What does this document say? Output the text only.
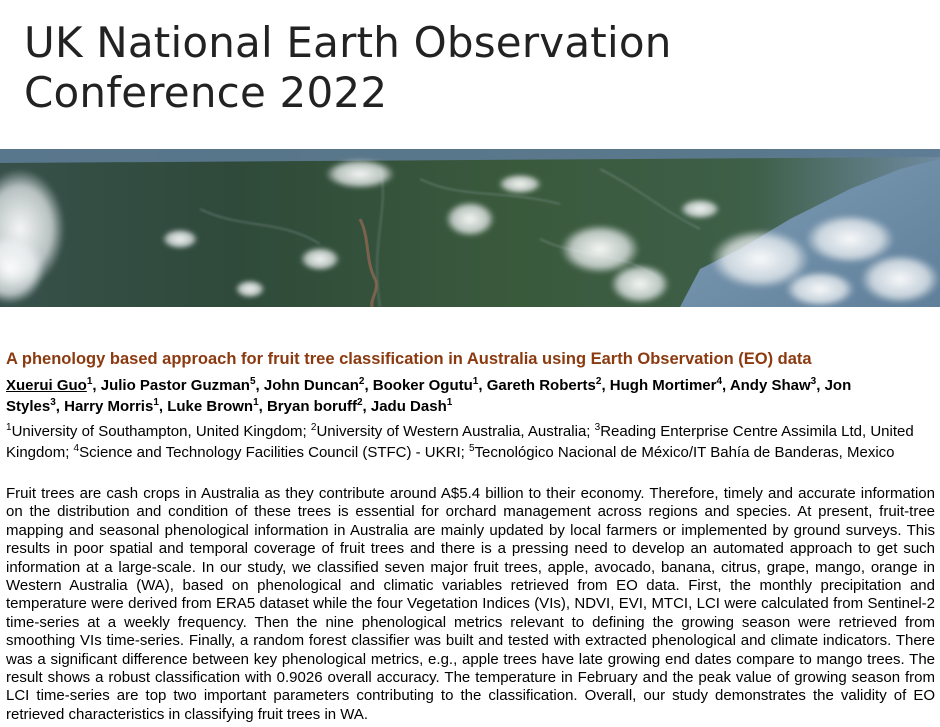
UK National Earth Observation
Conference 2022
A phenology based approach for fruit tree classification in Australia using Earth Observation (EO) data
Xuerui Guo$^1$, Julio Pastor Guzman$^5$, John Duncan$^2$, Booker Ogutu$^1$, Gareth Roberts$^2$, Hugh Mortimer$^4$, Andy Shaw$^3$, Jon Styles$^3$, Harry Morris$^1$, Luke Brown$^1$, Bryan boruff$^2$, Jadu Dash$^1$
$^1$University of Southampton, United Kingdom; $^2$University of Western Australia, Australia; $^3$Reading Enterprise Centre Assimila Ltd, United Kingdom; $^4$Science and Technology Facilities Council (STFC) - UKRI; $^5$Tecnológico Nacional de México/IT Bahía de Banderas, Mexico
Fruit trees are cash crops in Australia as they contribute around A$5.4 billion to their economy. Therefore, timely and accurate information on the distribution and condition of these trees is essential for orchard management across regions and species. At present, fruit-tree mapping and seasonal phenological information in Australia are mainly updated by local farmers or implemented by ground surveys. This results in poor spatial and temporal coverage of fruit trees and there is a pressing need to develop an automated approach to get such information at a large-scale. In our study, we classified seven major fruit trees, apple, avocado, banana, citrus, grape, mango, orange in Western Australia (WA), based on phenological and climatic variables retrieved from EO data. First, the monthly precipitation and temperature were derived from ERA5 dataset while the four Vegetation Indices (VIs), NDVI, EVI, MTCI, LCI were calculated from Sentinel-2 time-series at a weekly frequency. Then the nine phenological metrics relevant to defining the growing season were retrieved from smoothing VIs time-series. Finally, a random forest classifier was built and tested with extracted phenological and climate indicators. There was a significant difference between key phenological metrics, e.g., apple trees have late growing end dates compare to mango trees. The result shows a robust classification with 0.9026 overall accuracy. The temperature in February and the peak value of growing season from LCI time-series are top two important parameters contributing to the classification. Overall, our study demonstrates the validity of EO retrieved characteristics in classifying fruit trees in WA.
